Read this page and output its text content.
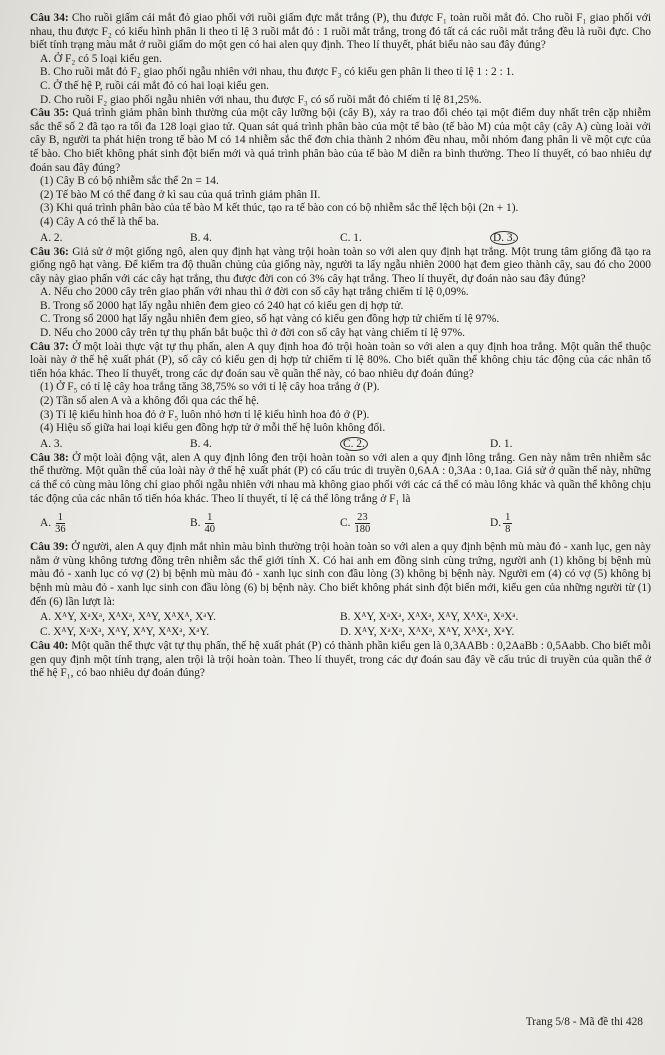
Câu 34: Cho ruồi giấm cái mắt đỏ giao phối với ruồi giấm đực mắt trắng (P), thu được F₁ toàn ruồi mắt đỏ. Cho ruồi F₁ giao phối với nhau, thu được F₂ có kiểu hình phân li theo tỉ lệ 3 ruồi mắt đỏ : 1 ruồi mắt trắng, trong đó tất cả các ruồi mắt trắng đều là ruồi đực. Cho biết tính trạng màu mắt ở ruồi giấm do một gen có hai alen quy định. Theo lí thuyết, phát biểu nào sau đây đúng?

A. Ở F₂ có 5 loại kiểu gen.

B. Cho ruồi mắt đỏ F₂ giao phối ngẫu nhiên với nhau, thu được F₃ có kiểu gen phân li theo tỉ lệ 1 : 2 : 1.

C. Ở thế hệ P, ruồi cái mắt đỏ có hai loại kiểu gen.

D. Cho ruồi F₂ giao phối ngẫu nhiên với nhau, thu được F₃ có số ruồi mắt đỏ chiếm tỉ lệ 81,25%.

Câu 35: Quá trình giảm phân bình thường của một cây lưỡng bội (cây B), xảy ra trao đổi chéo tại một điểm duy nhất trên cặp nhiễm sắc thể số 2 đã tạo ra tối đa 128 loại giao tử. Quan sát quá trình phân bào của một tế bào (tế bào M) của một cây (cây A) cùng loài với cây B, người ta phát hiện trong tế bào M có 14 nhiễm sắc thể đơn chia thành 2 nhóm đều nhau, mỗi nhóm đang phân li về một cực của tế bào. Cho biết không phát sinh đột biến mới và quá trình phân bào của tế bào M diễn ra bình thường. Theo lí thuyết, có bao nhiêu dự đoán sau đây đúng?

(1) Cây B có bộ nhiễm sắc thể 2n = 14.

(2) Tế bào M có thể đang ở kì sau của quá trình giảm phân II.

(3) Khi quá trình phân bào của tế bào M kết thúc, tạo ra tế bào con có bộ nhiễm sắc thể lệch bội (2n + 1).

(4) Cây A có thể là thể ba.

A. 2.	B. 4.	C. 1.	D. 3.

Câu 36: Giả sử ở một giống ngô, alen quy định hạt vàng trội hoàn toàn so với alen quy định hạt trắng. Một trung tâm giống đã tạo ra giống ngô hạt vàng. Để kiểm tra độ thuần chủng của giống này, người ta lấy ngẫu nhiên 2000 hạt đem gieo thành cây, sau đó cho 2000 cây này giao phấn với các cây hạt trắng, thu được đời con có 3% cây hạt trắng. Theo lí thuyết, dự đoán nào sau đây đúng?

A. Nếu cho 2000 cây trên giao phấn với nhau thì ở đời con số cây hạt trắng chiếm tỉ lệ 0,09%.

B. Trong số 2000 hạt lấy ngẫu nhiên đem gieo có 240 hạt có kiểu gen dị hợp tử.

C. Trong số 2000 hạt lấy ngẫu nhiên đem gieo, số hạt vàng có kiểu gen đồng hợp tử chiếm tỉ lệ 97%.

D. Nếu cho 2000 cây trên tự thụ phấn bắt buộc thì ở đời con số cây hạt vàng chiếm tỉ lệ 97%.

Câu 37: Ở một loài thực vật tự thụ phấn, alen A quy định hoa đỏ trội hoàn toàn so với alen a quy định hoa trắng. Một quần thể thuộc loài này ở thế hệ xuất phát (P), số cây có kiểu gen dị hợp tử chiếm tỉ lệ 80%. Cho biết quần thể không chịu tác động của các nhân tố tiến hóa khác. Theo lí thuyết, trong các dự đoán sau về quần thể này, có bao nhiêu dự đoán đúng?

(1) Ở F₅ có tỉ lệ cây hoa trắng tăng 38,75% so với tỉ lệ cây hoa trắng ở (P).

(2) Tần số alen A và a không đổi qua các thế hệ.

(3) Tỉ lệ kiểu hình hoa đỏ ở F₅ luôn nhỏ hơn tỉ lệ kiểu hình hoa đỏ ở (P).

(4) Hiệu số giữa hai loại kiểu gen đồng hợp tử ở mỗi thế hệ luôn không đổi.

A. 3.	B. 4.	C. 2.	D. 1.

Câu 38: Ở một loài động vật, alen A quy định lông đen trội hoàn toàn so với alen a quy định lông trắng. Gen này nằm trên nhiễm sắc thể thường. Một quần thể của loài này ở thế hệ xuất phát (P) có cấu trúc di truyền 0,6AA : 0,3Aa : 0,1aa. Giả sử ở quần thể này, những cá thể có cùng màu lông chỉ giao phối ngẫu nhiên với nhau mà không giao phối với các cá thể có màu lông khác và quần thể không chịu tác động của các nhân tố tiến hóa khác. Theo lí thuyết, tỉ lệ cá thể lông trắng ở F₁ là

A. $\frac{1}{36}$	B. $\frac{1}{40}$	C. $\frac{23}{180}$	D. $\frac{1}{8}$

Câu 39: Ở người, alen A quy định mắt nhìn màu bình thường trội hoàn toàn so với alen a quy định bệnh mù màu đỏ - xanh lục, gen này nằm ở vùng không tương đồng trên nhiễm sắc thể giới tính X. Có hai anh em đồng sinh cùng trứng, người anh (1) không bị bệnh mù màu đỏ - xanh lục có vợ (2) bị bệnh mù màu đỏ - xanh lục sinh con đầu lòng (3) không bị bệnh này. Người em (4) có vợ (5) không bị bệnh mù màu đỏ - xanh lục sinh con đầu lòng (6) bị bệnh này. Cho biết không phát sinh đột biến mới, kiểu gen của những người từ (1) đến (6) lần lượt là:

A. XᴬY, XᵃXᵃ, XᴬXᵃ, XᴬY, XᴬXᴬ, XᵃY.	B. XᴬY, XᵃXᵃ, XᴬXᵃ, XᴬY, XᴬXᵃ, XᵃXᵃ.
C. XᴬY, XᵃXᵃ, XᴬY, XᴬY, XᴬXᵃ, XᵃY.	D. XᴬY, XᵃXᵃ, XᴬXᵃ, XᴬY, XᴬXᵃ, XᵃY.

Câu 40: Một quần thể thực vật tự thụ phấn, thế hệ xuất phát (P) có thành phần kiểu gen là 0,3AABb : 0,2AaBb : 0,5Aabb. Cho biết mỗi gen quy định một tính trạng, alen trội là trội hoàn toàn. Theo lí thuyết, trong các dự đoán sau đây về cấu trúc di truyền của quần thể ở thế hệ F₁, có bao nhiêu dự đoán đúng?

Trang 5/8 - Mã đề thi 428
